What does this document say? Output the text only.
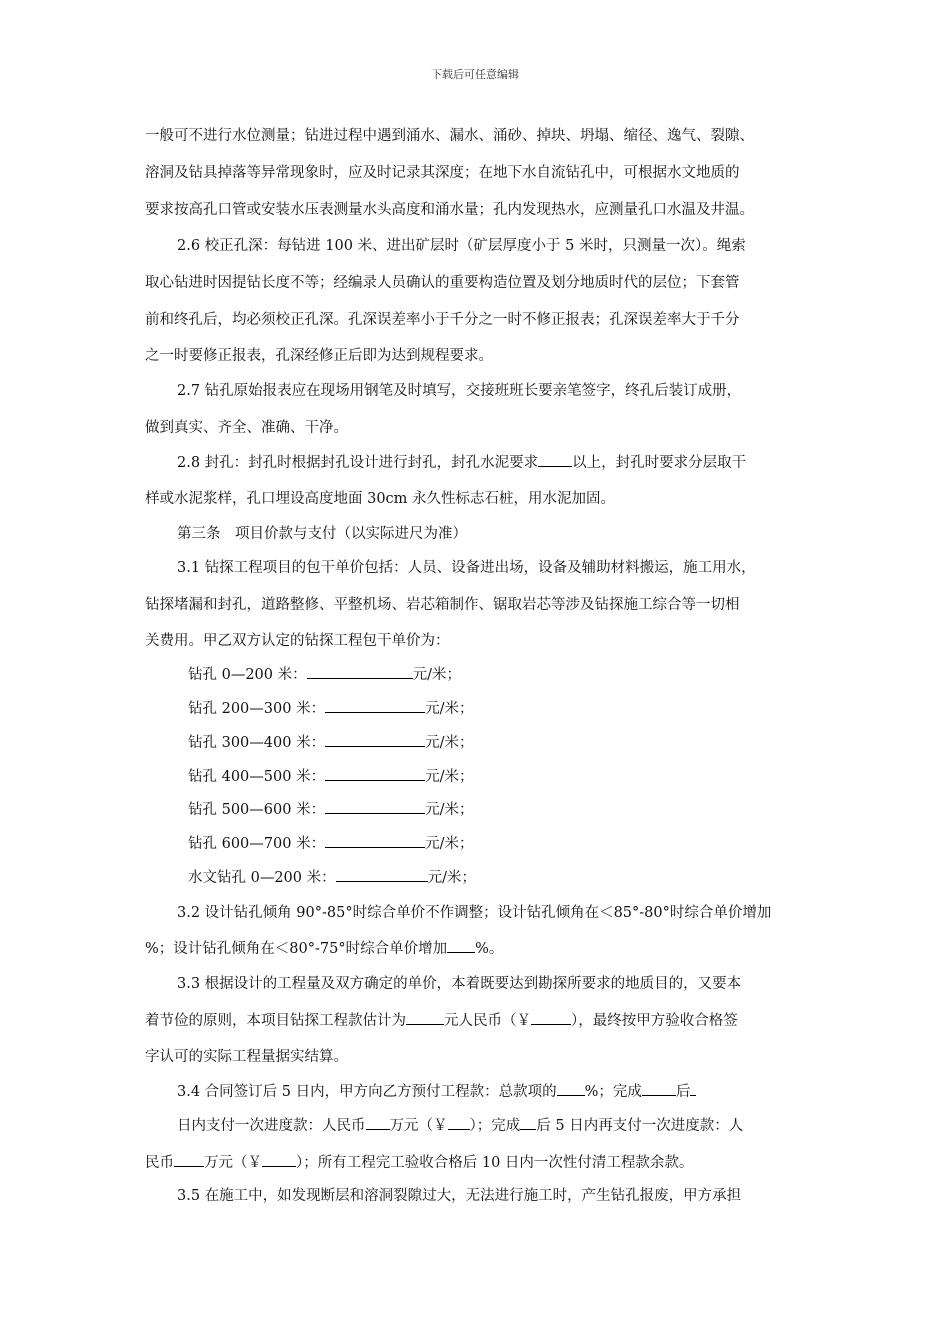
下载后可任意编辑
一般可不进行水位测量；钻进过程中遇到涌水、漏水、涌砂、掉块、坍塌、缩径、逸气、裂隙、
溶洞及钻具掉落等异常现象时，应及时记录其深度；在地下水自流钻孔中，可根据水文地质的
要求按高孔口管或安装水压表测量水头高度和涌水量；孔内发现热水，应测量孔口水温及井温。
2.6 校正孔深：每钻进 100 米、进出矿层时（矿层厚度小于 5 米时，只测量一次）。绳索
取心钻进时因提钻长度不等；经编录人员确认的重要构造位置及划分地质时代的层位；下套管
前和终孔后，均必须校正孔深。孔深误差率小于千分之一时不修正报表；孔深误差率大于千分
之一时要修正报表，孔深经修正后即为达到规程要求。
2.7 钻孔原始报表应在现场用钢笔及时填写，交接班班长要亲笔签字，终孔后装订成册，
做到真实、齐全、准确、干净。
2.8 封孔：封孔时根据封孔设计进行封孔，封孔水泥要求 以上，封孔时要求分层取干
样或水泥浆样，孔口埋设高度地面 30cm 永久性标志石桩，用水泥加固。
第三条　项目价款与支付（以实际进尺为准）
3.1 钻探工程项目的包干单价包括：人员、设备进出场，设备及辅助材料搬运，施工用水，
钻探堵漏和封孔，道路整修、平整机场、岩芯箱制作、锯取岩芯等涉及钻探施工综合等一切相
关费用。甲乙双方认定的钻探工程包干单价为：
钻孔 0—200 米：	元/米；
钻孔 200—300 米：	元/米；
钻孔 300—400 米：	元/米；
钻孔 400—500 米：	元/米；
钻孔 500—600 米：	元/米；
钻孔 600—700 米：	元/米；
水文钻孔 0—200 米：	元/米；
3.2 设计钻孔倾角 90°-85°时综合单价不作调整；设计钻孔倾角在＜85°-80°时综合单价增加
%；设计钻孔倾角在＜80°-75°时综合单价增加 %。
3.3 根据设计的工程量及双方确定的单价，本着既要达到勘探所要求的地质目的，又要本
着节俭的原则，本项目钻探工程款估计为	元人民币（￥	），最终按甲方验收合格签
字认可的实际工程量据实结算。
3.4 合同签订后 5 日内，甲方向乙方预付工程款：总款项的 %；完成 后
日内支付一次进度款：人民币 万元（￥ ）；完成 后 5 日内再支付一次进度款：人
民币 万元（￥ ）；所有工程完工验收合格后 10 日内一次性付清工程款余款。
3.5 在施工中，如发现断层和溶洞裂隙过大，无法进行施工时，产生钻孔报废，甲方承担
